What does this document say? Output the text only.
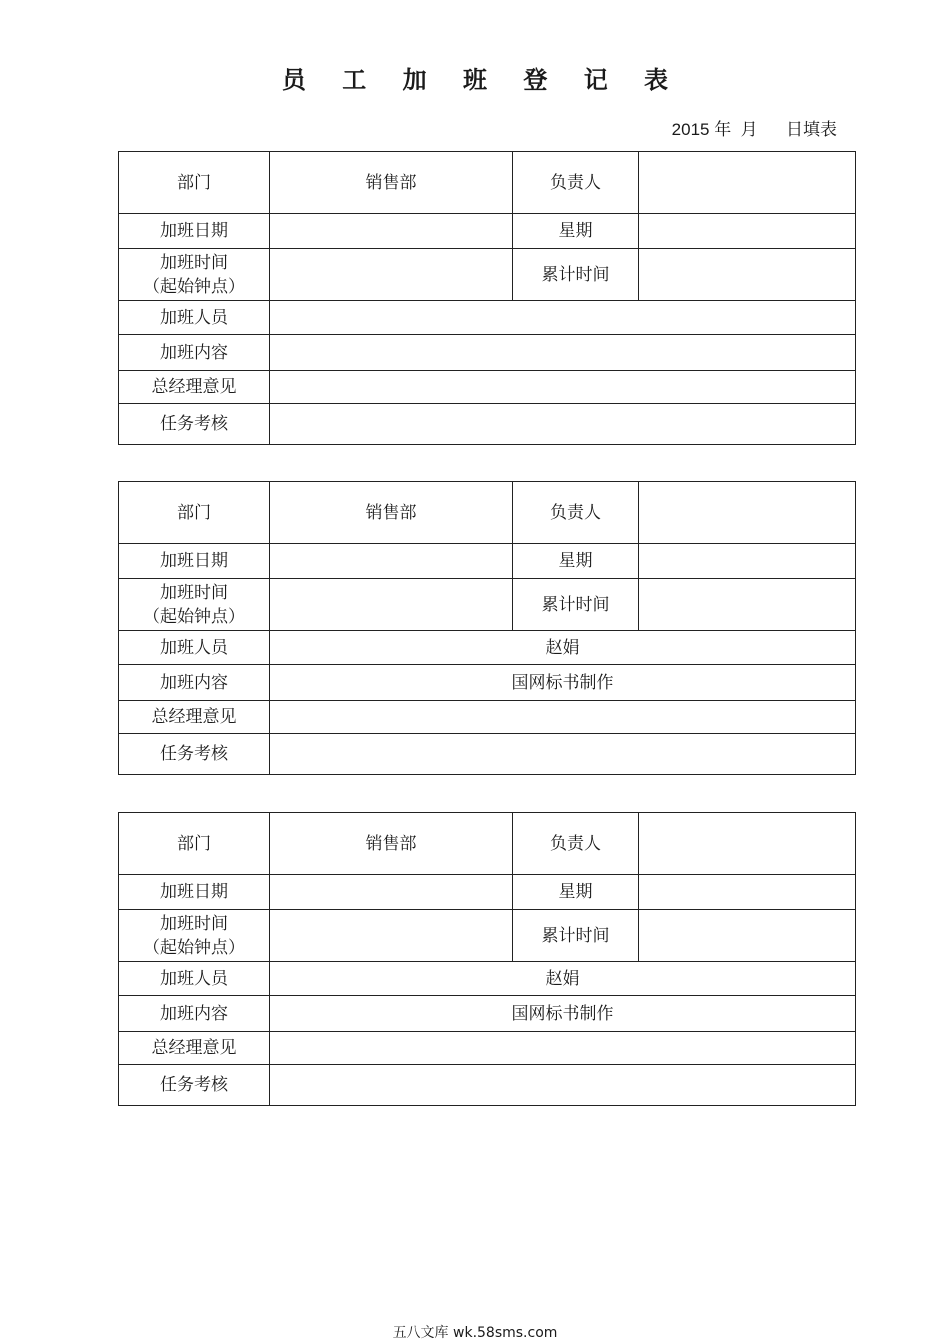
员 工 加 班 登 记 表
2015 年  月      日填表
部门	销售部	负责人	
加班日期		星期	

加班时间
（起始钟点）		累计时间	
加班人员			
加班内容			
总经理意见			
任务考核			
部门	销售部	负责人	
加班日期		星期	

加班时间
（起始钟点）		累计时间	
加班人员	赵娟		
加班内容	国网标书制作		
总经理意见			
任务考核			
部门	销售部	负责人	
加班日期		星期	

加班时间
（起始钟点）		累计时间	
加班人员	赵娟		
加班内容	国网标书制作		
总经理意见			
任务考核			
五八文库 wk.58sms.com
